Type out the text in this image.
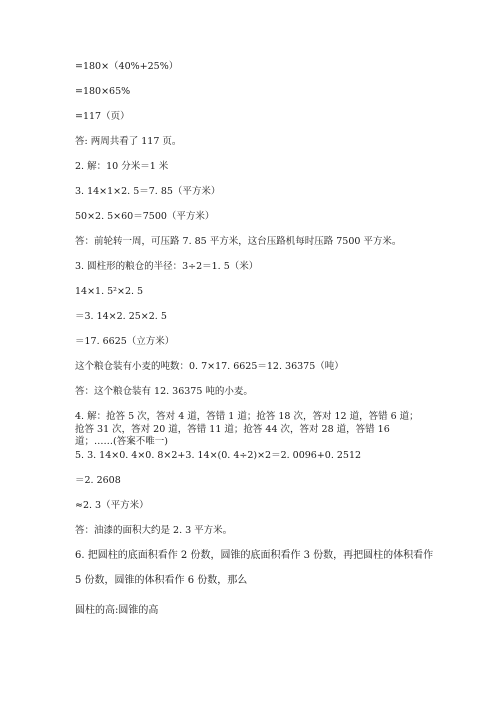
=180×（40%+25%）
=180×65%
=117（页）
答: 两周共看了 117 页。
2. 解：10 分米＝1 米
3. 14×1×2. 5＝7. 85（平方米）
50×2. 5×60＝7500（平方米）
答：前轮转一周，可压路 7. 85 平方米，这台压路机每时压路 7500 平方米。
3. 圆柱形的粮仓的半径：3÷2＝1. 5（米）
14×1. 5²×2. 5
＝3. 14×2. 25×2. 5
＝17. 6625（立方米）
这个粮仓装有小麦的吨数：0. 7×17. 6625＝12. 36375（吨）
答：这个粮仓装有 12. 36375 吨的小麦。
4. 解：抢答 5 次，答对 4 道，答错 1 道；抢答 18 次，答对 12 道，答错 6 道；抢答 31 次，答对 20 道，答错 11 道；抢答 44 次，答对 28 道，答错 16 道；……(答案不唯一)
5. 3. 14×0. 4×0. 8×2+3. 14×(0. 4÷2)×2＝2. 0096+0. 2512
＝2. 2608
≈2. 3（平方米）
答：油漆的面积大约是 2. 3 平方米。
6. 把圆柱的底面积看作 2 份数，圆锥的底面积看作 3 份数，再把圆柱的体积看作
5 份数，圆锥的体积看作 6 份数，那么
圆柱的高:圆锥的高
